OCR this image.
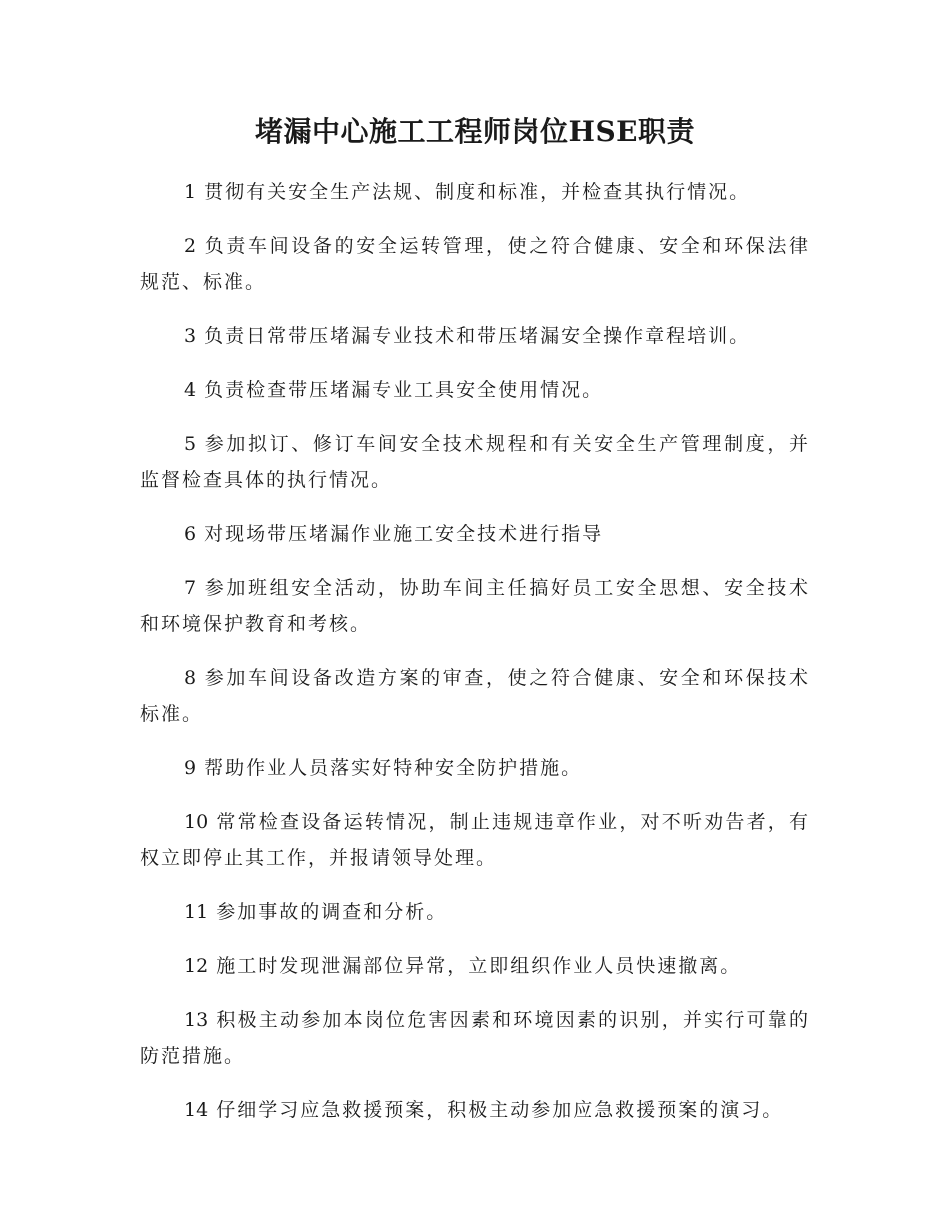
堵漏中心施工工程师岗位HSE职责
1 贯彻有关安全生产法规、制度和标准，并检查其执行情况。
2 负责车间设备的安全运转管理，使之符合健康、安全和环保法律规范、标准。
3 负责日常带压堵漏专业技术和带压堵漏安全操作章程培训。
4 负责检查带压堵漏专业工具安全使用情况。
5 参加拟订、修订车间安全技术规程和有关安全生产管理制度，并监督检查具体的执行情况。
6 对现场带压堵漏作业施工安全技术进行指导
7 参加班组安全活动，协助车间主任搞好员工安全思想、安全技术和环境保护教育和考核。
8 参加车间设备改造方案的审查，使之符合健康、安全和环保技术标准。
9 帮助作业人员落实好特种安全防护措施。
10 常常检查设备运转情况，制止违规违章作业，对不听劝告者，有权立即停止其工作，并报请领导处理。
11 参加事故的调查和分析。
12 施工时发现泄漏部位异常，立即组织作业人员快速撤离。
13 积极主动参加本岗位危害因素和环境因素的识别，并实行可靠的防范措施。
14 仔细学习应急救援预案，积极主动参加应急救援预案的演习。
